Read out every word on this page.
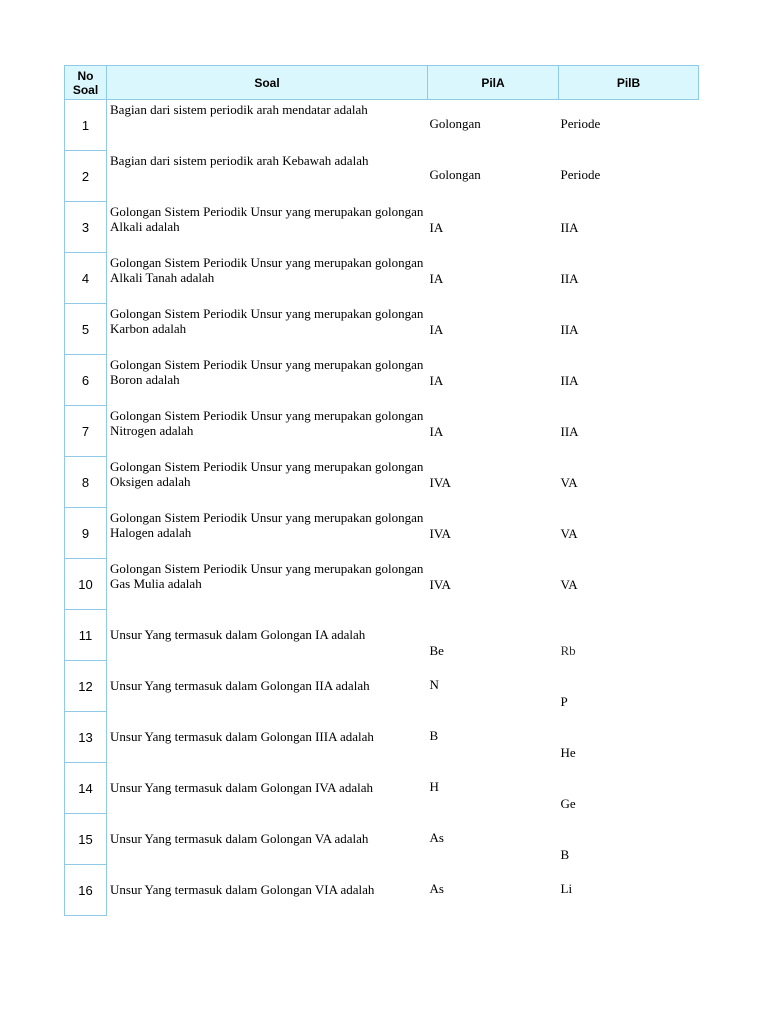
No
Soal	Soal	PilA	PilB
1	Bagian dari sistem periodik arah mendatar adalah	Golongan	Periode

2	Bagian dari sistem periodik arah Kebawah adalah	Golongan	Periode

3	Golongan Sistem Periodik Unsur yang merupakan golongan Alkali adalah	IA	IIA

4	Golongan Sistem Periodik Unsur yang merupakan golongan Alkali Tanah adalah	IA	IIA

5	Golongan Sistem Periodik Unsur yang merupakan golongan Karbon adalah	IA	IIA

6	Golongan Sistem Periodik Unsur yang merupakan golongan Boron adalah	IA	IIA

7	Golongan Sistem Periodik Unsur yang merupakan golongan Nitrogen adalah	IA	IIA

8	Golongan Sistem Periodik Unsur yang merupakan golongan Oksigen adalah	IVA	VA

9	Golongan Sistem Periodik Unsur yang merupakan golongan Halogen adalah	IVA	VA

10	Golongan Sistem Periodik Unsur yang merupakan golongan Gas Mulia adalah	IVA	VA

11	Unsur Yang termasuk dalam Golongan IA adalah	Be	Rb

12	Unsur Yang termasuk dalam Golongan IIA adalah	N	P

13	Unsur Yang termasuk dalam Golongan IIIA adalah	B	He

14	Unsur Yang termasuk dalam Golongan IVA adalah	H	Ge

15	Unsur Yang termasuk dalam Golongan VA adalah	As	B

16	Unsur Yang termasuk dalam Golongan VIA adalah	As	Li
